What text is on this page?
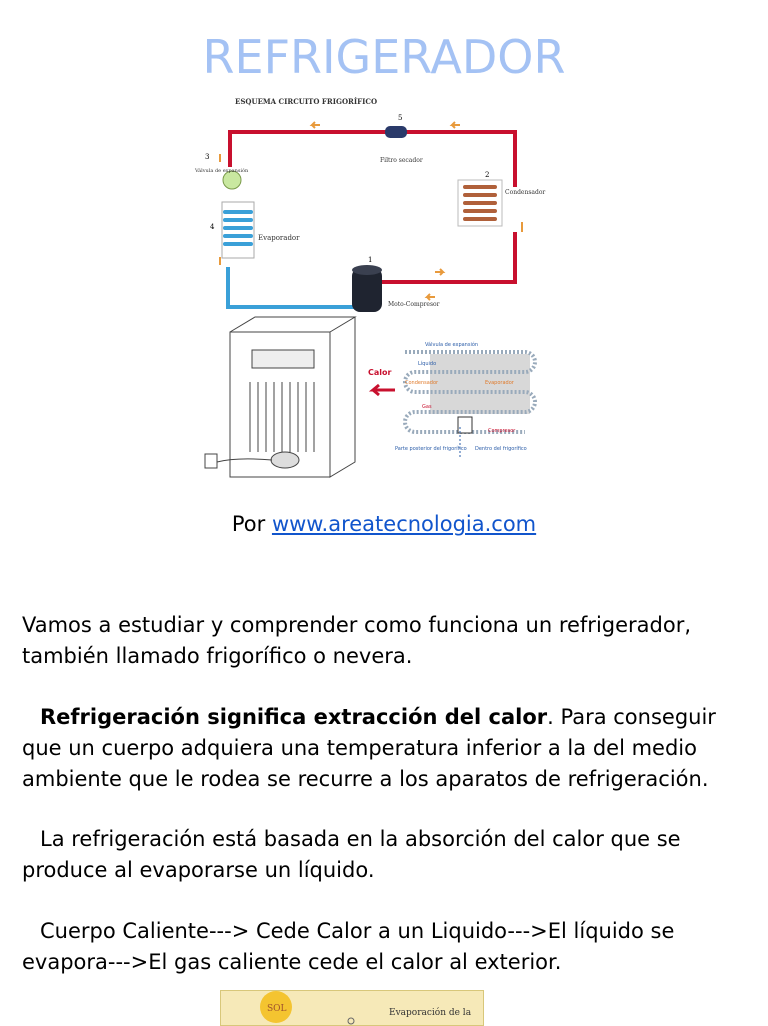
REFRIGERADOR
ESQUEMA CIRCUITO FRIGORÍFICO
5
Filtro secador
2
Condensador
3
Válvula de expansión
4
Evaporador
1
Moto-Compresor
Válvula de expansión
Líquido
Condensador	Evaporador
Gas
Compresor
Calor
Parte posterior del frigorífico Dentro del frigorífico
Por www.areatecnologia.com
Vamos a estudiar y comprender como funciona un refrigerador, también llamado frigorífico o nevera.
Refrigeración significa extracción del calor. Para conseguir que un cuerpo adquiera una temperatura inferior a la del medio ambiente que le rodea se recurre a los aparatos de refrigeración.
La refrigeración está basada en la absorción del calor que se produce al evaporarse un líquido.
Cuerpo Caliente---> Cede Calor a un Liquido--->El líquido se evapora--->El gas caliente cede el calor al exterior.
SOL	Evaporación de la
